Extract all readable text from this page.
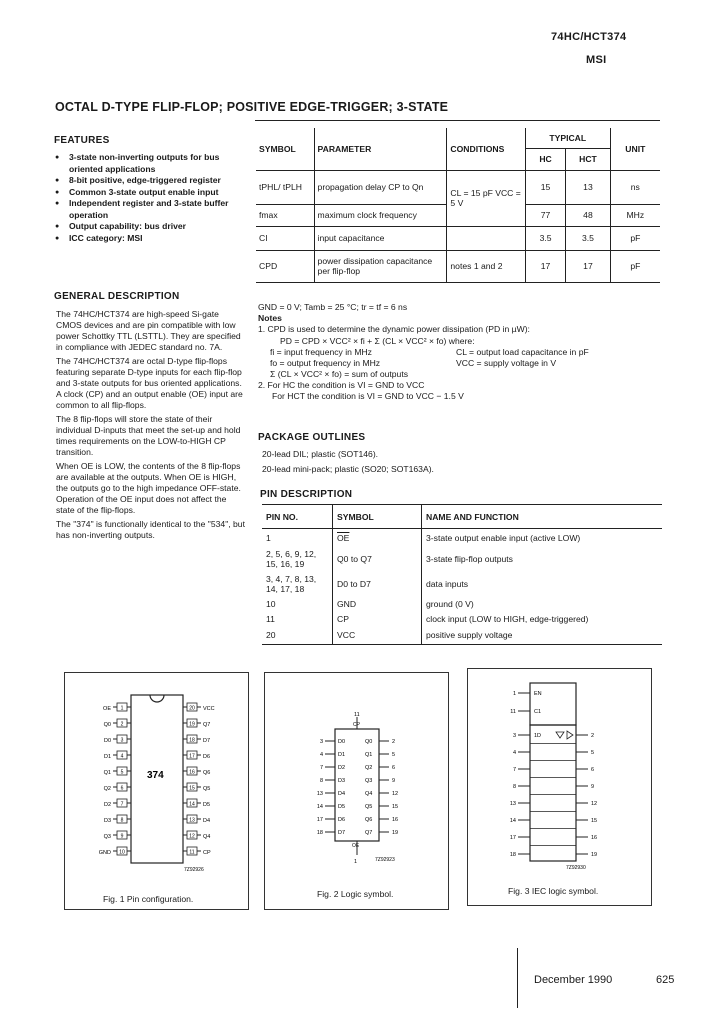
74HC/HCT374
MSI
OCTAL D-TYPE FLIP-FLOP; POSITIVE EDGE-TRIGGER; 3-STATE
FEATURES
● 3-state non-inverting outputs for bus oriented applications
● 8-bit positive, edge-triggered register
● Common 3-state output enable input
● Independent register and 3-state buffer operation
● Output capability: bus driver
● ICC category: MSI
GENERAL DESCRIPTION

The 74HC/HCT374 are high-speed Si-gate CMOS devices and are pin compatible with low power Schottky TTL (LSTTL). They are specified in compliance with JEDEC standard no. 7A.

The 74HC/HCT374 are octal D-type flip-flops featuring separate D-type inputs for each flip-flop and 3-state outputs for bus oriented applications. A clock (CP) and an output enable (OE) input are common to all flip-flops.

The 8 flip-flops will store the state of their individual D-inputs that meet the set-up and hold times requirements on the LOW-to-HIGH CP transition.

When OE is LOW, the contents of the 8 flip-flops are available at the outputs. When OE is HIGH, the outputs go to the high impedance OFF-state. Operation of the OE input does not affect the state of the flip-flops.

The "374" is functionally identical to the "534", but has non-inverting outputs.

SYMBOL	PARAMETER	CONDITIONS	TYPICAL		UNIT
			HC	HCT	
tPHL/ tPLH	propagation delay CP to Qn	CL = 15 pF VCC = 5 V	15	13	ns
fmax	maximum clock frequency		77	48	MHz
CI	input capacitance		3.5	3.5	pF
CPD	power dissipation capacitance per flip-flop	notes 1 and 2	17	17	pF
GND = 0 V; Tamb = 25 °C; tr = tf = 6 ns
Notes
1. CPD is used to determine the dynamic power dissipation (PD in µW):
PD = CPD × VCC² × fi + Σ (CL × VCC² × fo) where:
fi = input frequency in MHz	CL = output load capacitance in pF
fo = output frequency in MHz	VCC = supply voltage in V
Σ (CL × VCC² × fo) = sum of outputs
2. For HC the condition is VI = GND to VCC
For HCT the condition is VI = GND to VCC − 1.5 V
PACKAGE OUTLINES
20-lead DIL; plastic (SOT146).
20-lead mini-pack; plastic (SO20; SOT163A).
PIN DESCRIPTION
PIN NO.	SYMBOL	NAME AND FUNCTION
1	$\overline{OE}$	3-state output enable input (active LOW)
2, 5, 6, 9, 12, 15, 16, 19	Q0 to Q7	3-state flip-flop outputs
3, 4, 7, 8, 13, 14, 17, 18	D0 to D7	data inputs
10	GND	ground (0 V)
11	CP	clock input (LOW to HIGH, edge-triggered)
20	VCC	positive supply voltage
374
7Z92926
OE 1
Q0 2
D0 3
D1 4
Q1 5
Q2 6
D2 7
D3 8
Q3 9
GND 10
20 VCC
19 Q7
18 D7
17 D6
16 Q6
15 Q5
14 D5
13 D4
12 Q4
11 CP
Fig. 1 Pin configuration.
11
CP
OE
1	7Z92923
3	D0
4	D1
7	D2
8	D3
13	D4
14	D5
17	D6
18	D7
Q0	2
Q1	5
Q2	6
Q3	9
Q4	12
Q5	15
Q6	16
Q7	19
Fig. 2 Logic symbol.
7Z92930
1	EN
11	C1
3
4
7
8
13
14
17
18
1D	2
5
6
9
12
15
16
19
Fig. 3 IEC logic symbol.
December 1990	625
